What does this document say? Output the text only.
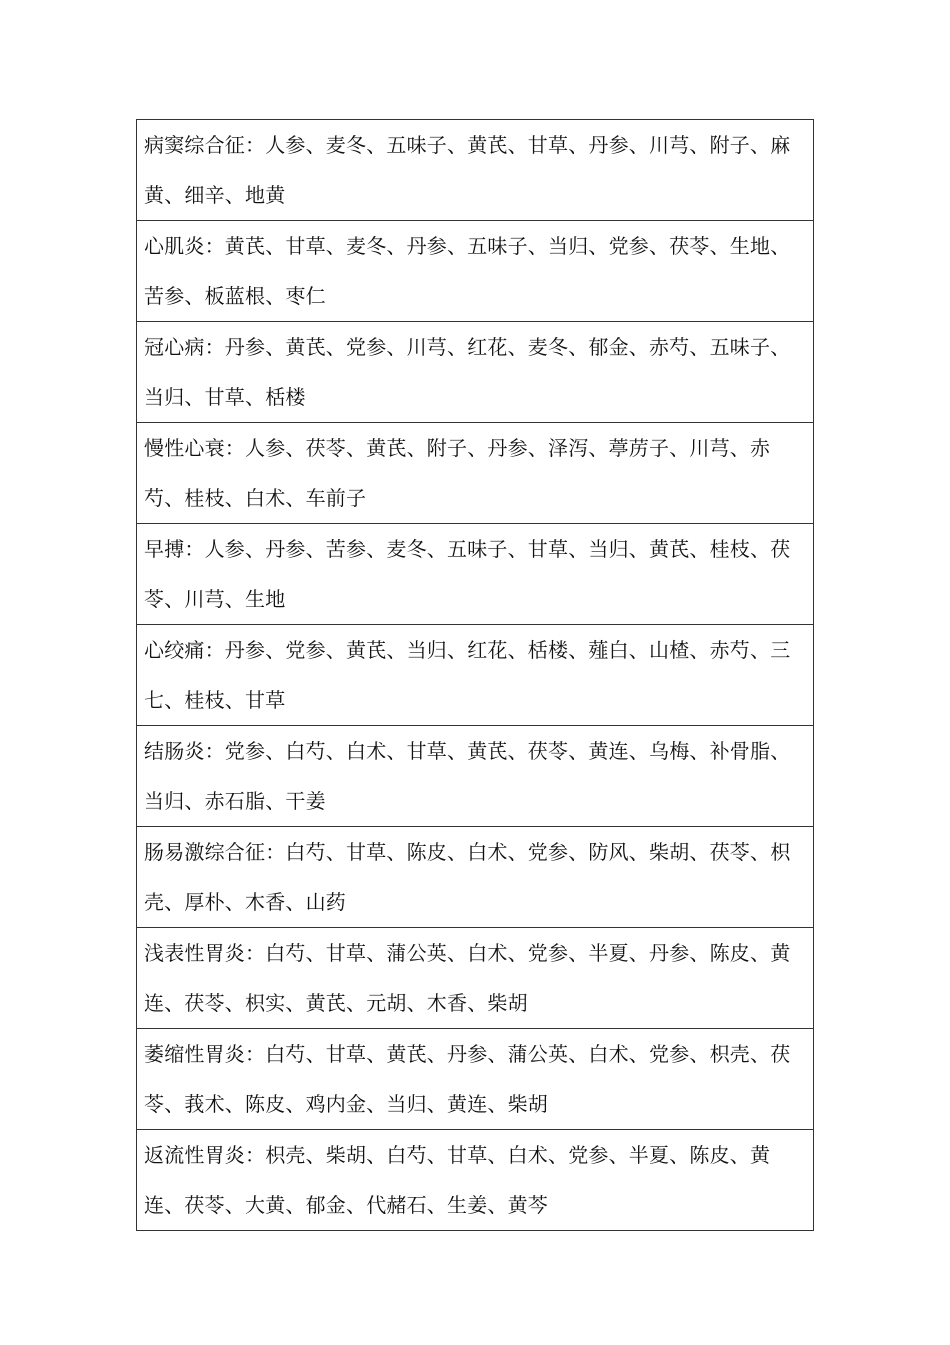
病窦综合征：人参、麦冬、五味子、黄芪、甘草、丹参、川芎、附子、麻黄、细辛、地黄

心肌炎：黄芪、甘草、麦冬、丹参、五味子、当归、党参、茯苓、生地、苦参、板蓝根、枣仁

冠心病：丹参、黄芪、党参、川芎、红花、麦冬、郁金、赤芍、五味子、当归、甘草、栝楼

慢性心衰：人参、茯苓、黄芪、附子、丹参、泽泻、葶苈子、川芎、赤芍、桂枝、白术、车前子

早搏：人参、丹参、苦参、麦冬、五味子、甘草、当归、黄芪、桂枝、茯苓、川芎、生地

心绞痛：丹参、党参、黄芪、当归、红花、栝楼、薤白、山楂、赤芍、三七、桂枝、甘草

结肠炎：党参、白芍、白术、甘草、黄芪、茯苓、黄连、乌梅、补骨脂、当归、赤石脂、干姜

肠易激综合征：白芍、甘草、陈皮、白术、党参、防风、柴胡、茯苓、枳壳、厚朴、木香、山药

浅表性胃炎：白芍、甘草、蒲公英、白术、党参、半夏、丹参、陈皮、黄连、茯苓、枳实、黄芪、元胡、木香、柴胡

萎缩性胃炎：白芍、甘草、黄芪、丹参、蒲公英、白术、党参、枳壳、茯苓、莪术、陈皮、鸡内金、当归、黄连、柴胡

返流性胃炎：枳壳、柴胡、白芍、甘草、白术、党参、半夏、陈皮、黄连、茯苓、大黄、郁金、代赭石、生姜、黄芩
